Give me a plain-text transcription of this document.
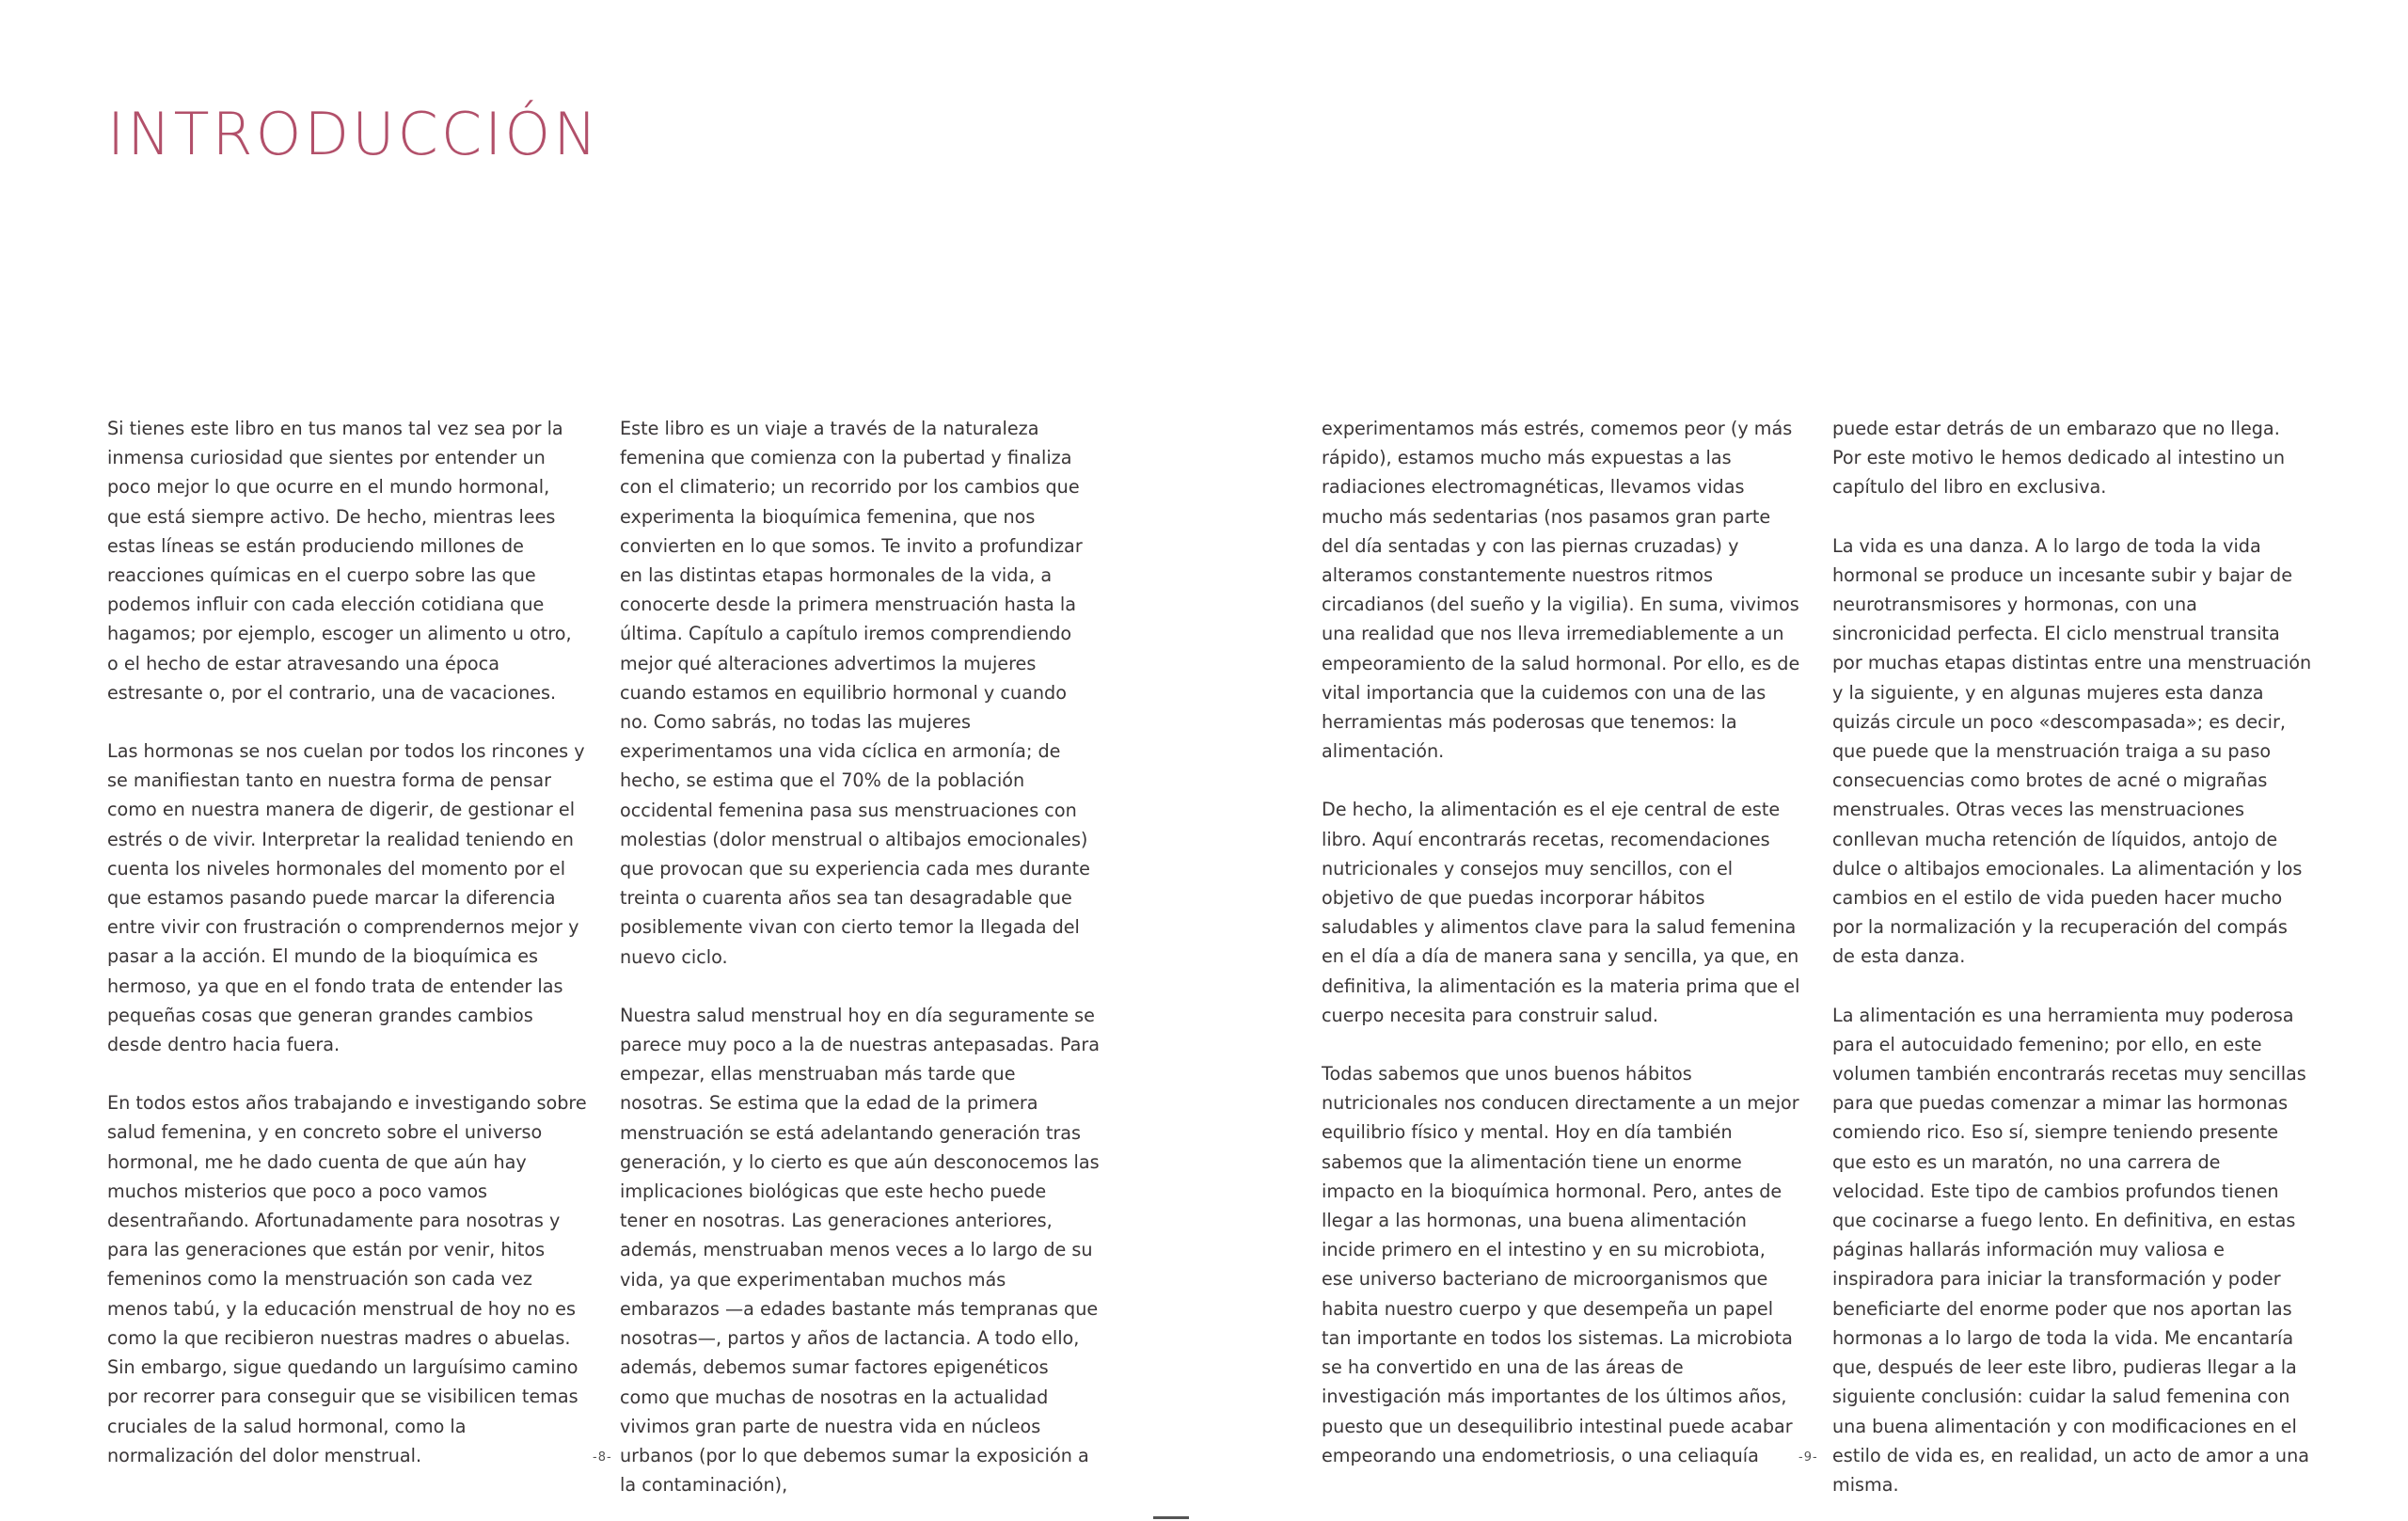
INTRODUCCIÓN

Si tienes este libro en tus manos tal vez sea por la inmensa curiosidad que sientes por entender un poco mejor lo que ocurre en el mundo hormonal, que está siempre activo. De hecho, mientras lees estas líneas se están produciendo millones de reacciones químicas en el cuerpo sobre las que podemos influir con cada elección cotidiana que hagamos; por ejemplo, escoger un alimento u otro, o el hecho de estar atravesando una época estresante o, por el contrario, una de vacaciones.

Las hormonas se nos cuelan por todos los rincones y se manifiestan tanto en nuestra forma de pensar como en nuestra manera de digerir, de gestionar el estrés o de vivir. Interpretar la realidad teniendo en cuenta los niveles hormonales del momento por el que estamos pasando puede marcar la diferencia entre vivir con frustración o comprendernos mejor y pasar a la acción. El mundo de la bioquímica es hermoso, ya que en el fondo trata de entender las pequeñas cosas que generan grandes cambios desde dentro hacia fuera.

En todos estos años trabajando e investigando sobre salud femenina, y en concreto sobre el universo hormonal, me he dado cuenta de que aún hay muchos misterios que poco a poco vamos desentrañando. Afortunadamente para nosotras y para las generaciones que están por venir, hitos femeninos como la menstruación son cada vez menos tabú, y la educación menstrual de hoy no es como la que recibieron nuestras madres o abuelas. Sin embargo, sigue quedando un larguísimo camino por recorrer para conseguir que se visibilicen temas cruciales de la salud hormonal, como la normalización del dolor menstrual.

Este libro es un viaje a través de la naturaleza femenina que comienza con la pubertad y finaliza con el climaterio; un recorrido por los cambios que experimenta la bioquímica femenina, que nos convierten en lo que somos. Te invito a profundizar en las distintas etapas hormonales de la vida, a conocerte desde la primera menstruación hasta la última. Capítulo a capítulo iremos comprendiendo mejor qué alteraciones advertimos la mujeres cuando estamos en equilibrio hormonal y cuando no. Como sabrás, no todas las mujeres experimentamos una vida cíclica en armonía; de hecho, se estima que el 70% de la población occidental femenina pasa sus menstruaciones con molestias (dolor menstrual o altibajos emocionales) que provocan que su experiencia cada mes durante treinta o cuarenta años sea tan desagradable que posiblemente vivan con cierto temor la llegada del nuevo ciclo.

Nuestra salud menstrual hoy en día seguramente se parece muy poco a la de nuestras antepasadas. Para empezar, ellas menstruaban más tarde que nosotras. Se estima que la edad de la primera menstruación se está adelantando generación tras generación, y lo cierto es que aún desconocemos las implicaciones biológicas que este hecho puede tener en nosotras. Las generaciones anteriores, además, menstruaban menos veces a lo largo de su vida, ya que experimentaban muchos más embarazos —a edades bastante más tempranas que nosotras—, partos y años de lactancia. A todo ello, además, debemos sumar factores epigenéticos como que muchas de nosotras en la actualidad vivimos gran parte de nuestra vida en núcleos urbanos (por lo que debemos sumar la exposición a la contaminación),

-8-

experimentamos más estrés, comemos peor (y más rápido), estamos mucho más expuestas a las radiaciones electromagnéticas, llevamos vidas mucho más sedentarias (nos pasamos gran parte del día sentadas y con las piernas cruzadas) y alteramos constantemente nuestros ritmos circadianos (del sueño y la vigilia). En suma, vivimos una realidad que nos lleva irremediablemente a un empeoramiento de la salud hormonal. Por ello, es de vital importancia que la cuidemos con una de las herramientas más poderosas que tenemos: la alimentación.

De hecho, la alimentación es el eje central de este libro. Aquí encontrarás recetas, recomendaciones nutricionales y consejos muy sencillos, con el objetivo de que puedas incorporar hábitos saludables y alimentos clave para la salud femenina en el día a día de manera sana y sencilla, ya que, en definitiva, la alimentación es la materia prima que el cuerpo necesita para construir salud.

Todas sabemos que unos buenos hábitos nutricionales nos conducen directamente a un mejor equilibrio físico y mental. Hoy en día también sabemos que la alimentación tiene un enorme impacto en la bioquímica hormonal. Pero, antes de llegar a las hormonas, una buena alimentación incide primero en el intestino y en su microbiota, ese universo bacteriano de microorganismos que habita nuestro cuerpo y que desempeña un papel tan importante en todos los sistemas. La microbiota se ha convertido en una de las áreas de investigación más importantes de los últimos años, puesto que un desequilibrio intestinal puede acabar empeorando una endometriosis, o una celiaquía

puede estar detrás de un embarazo que no llega. Por este motivo le hemos dedicado al intestino un capítulo del libro en exclusiva.

La vida es una danza. A lo largo de toda la vida hormonal se produce un incesante subir y bajar de neurotransmisores y hormonas, con una sincronicidad perfecta. El ciclo menstrual transita por muchas etapas distintas entre una menstruación y la siguiente, y en algunas mujeres esta danza quizás circule un poco «descompasada»; es decir, que puede que la menstruación traiga a su paso consecuencias como brotes de acné o migrañas menstruales. Otras veces las menstruaciones conllevan mucha retención de líquidos, antojo de dulce o altibajos emocionales. La alimentación y los cambios en el estilo de vida pueden hacer mucho por la normalización y la recuperación del compás de esta danza.

La alimentación es una herramienta muy poderosa para el autocuidado femenino; por ello, en este volumen también encontrarás recetas muy sencillas para que puedas comenzar a mimar las hormonas comiendo rico. Eso sí, siempre teniendo presente que esto es un maratón, no una carrera de velocidad. Este tipo de cambios profundos tienen que cocinarse a fuego lento. En definitiva, en estas páginas hallarás información muy valiosa e inspiradora para iniciar la transformación y poder beneficiarte del enorme poder que nos aportan las hormonas a lo largo de toda la vida. Me encantaría que, después de leer este libro, pudieras llegar a la siguiente conclusión: cuidar la salud femenina con una buena alimentación y con modificaciones en el estilo de vida es, en realidad, un acto de amor a una misma.

-9-
